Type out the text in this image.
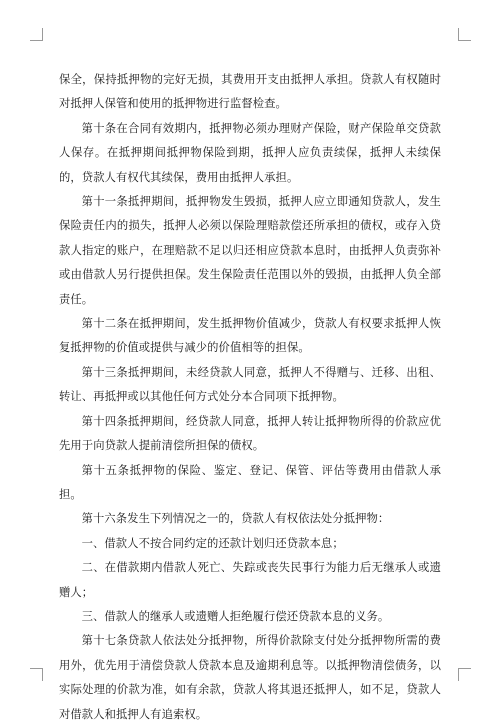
保全，保持抵押物的完好无损，其费用开支由抵押人承担。贷款人有权随时对抵押人保管和使用的抵押物进行监督检查。

第十条在合同有效期内，抵押物必须办理财产保险，财产保险单交贷款人保存。在抵押期间抵押物保险到期，抵押人应负责续保，抵押人未续保的，贷款人有权代其续保，费用由抵押人承担。

第十一条抵押期间，抵押物发生毁损，抵押人应立即通知贷款人，发生保险责任内的损失，抵押人必须以保险理赔款偿还所承担的债权，或存入贷款人指定的账户，在理赔款不足以归还相应贷款本息时，由抵押人负责弥补或由借款人另行提供担保。发生保险责任范围以外的毁损，由抵押人负全部责任。

第十二条在抵押期间，发生抵押物价值减少，贷款人有权要求抵押人恢复抵押物的价值或提供与减少的价值相等的担保。

第十三条抵押期间，未经贷款人同意，抵押人不得赠与、迁移、出租、转让、再抵押或以其他任何方式处分本合同项下抵押物。

第十四条抵押期间，经贷款人同意，抵押人转让抵押物所得的价款应优先用于向贷款人提前清偿所担保的债权。

第十五条抵押物的保险、鉴定、登记、保管、评估等费用由借款人承担。

第十六条发生下列情况之一的，贷款人有权依法处分抵押物：

一、借款人不按合同约定的还款计划归还贷款本息；

二、在借款期内借款人死亡、失踪或丧失民事行为能力后无继承人或遗赠人；

三、借款人的继承人或遗赠人拒绝履行偿还贷款本息的义务。

第十七条贷款人依法处分抵押物，所得价款除支付处分抵押物所需的费用外，优先用于清偿贷款人贷款本息及逾期利息等。以抵押物清偿债务，以实际处理的价款为准，如有余款，贷款人将其退还抵押人，如不足，贷款人对借款人和抵押人有追索权。
